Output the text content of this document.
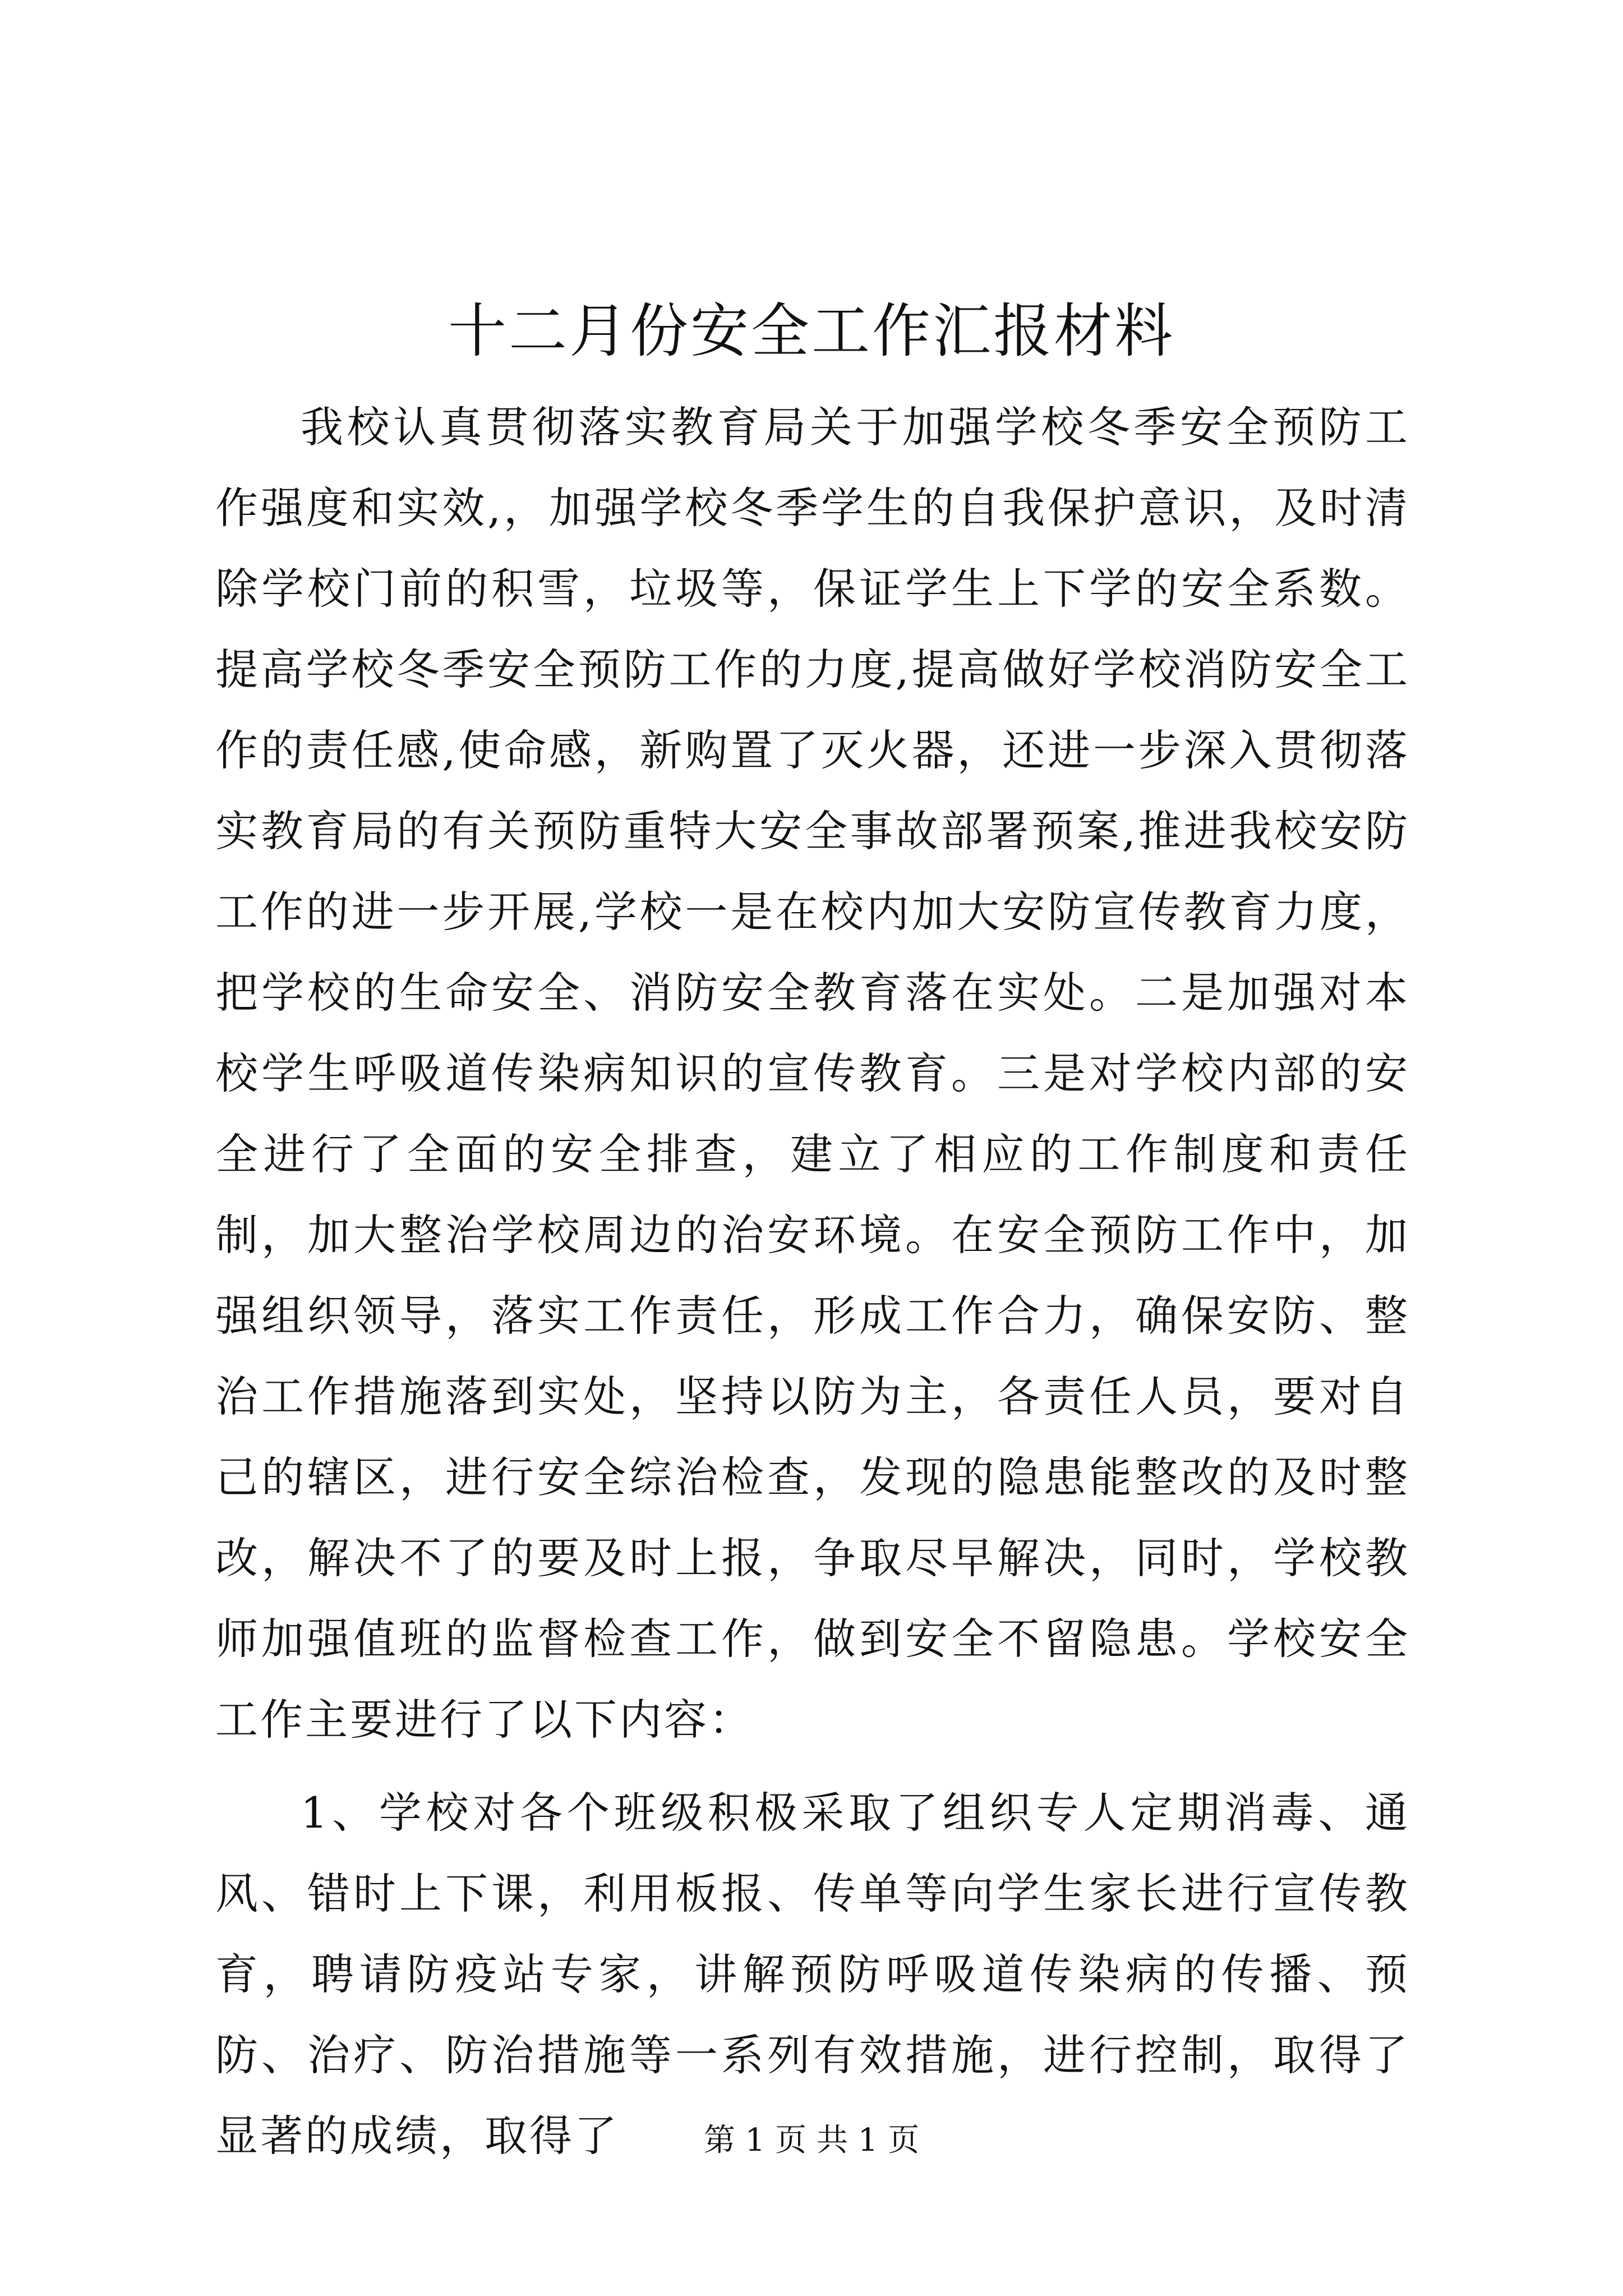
十二月份安全工作汇报材料

我校认真贯彻落实教育局关于加强学校冬季安全预防工作强度和实效,，加强学校冬季学生的自我保护意识，及时清除学校门前的积雪，垃圾等，保证学生上下学的安全系数。提高学校冬季安全预防工作的力度,提高做好学校消防安全工作的责任感,使命感，新购置了灭火器，还进一步深入贯彻落实教育局的有关预防重特大安全事故部署预案,推进我校安防工作的进一步开展,学校一是在校内加大安防宣传教育力度，把学校的生命安全、消防安全教育落在实处。二是加强对本校学生呼吸道传染病知识的宣传教育。三是对学校内部的安全进行了全面的安全排查，建立了相应的工作制度和责任制，加大整治学校周边的治安环境。在安全预防工作中，加强组织领导，落实工作责任，形成工作合力，确保安防、整治工作措施落到实处，坚持以防为主，各责任人员，要对自己的辖区，进行安全综治检查，发现的隐患能整改的及时整改，解决不了的要及时上报，争取尽早解决，同时，学校教师加强值班的监督检查工作，做到安全不留隐患。学校安全工作主要进行了以下内容：

1、学校对各个班级积极采取了组织专人定期消毒、通风、错时上下课，利用板报、传单等向学生家长进行宣传教育，聘请防疫站专家，讲解预防呼吸道传染病的传播、预防、治疗、防治措施等一系列有效措施，进行控制，取得了显著的成绩，取得了	第 1 页 共 1 页
